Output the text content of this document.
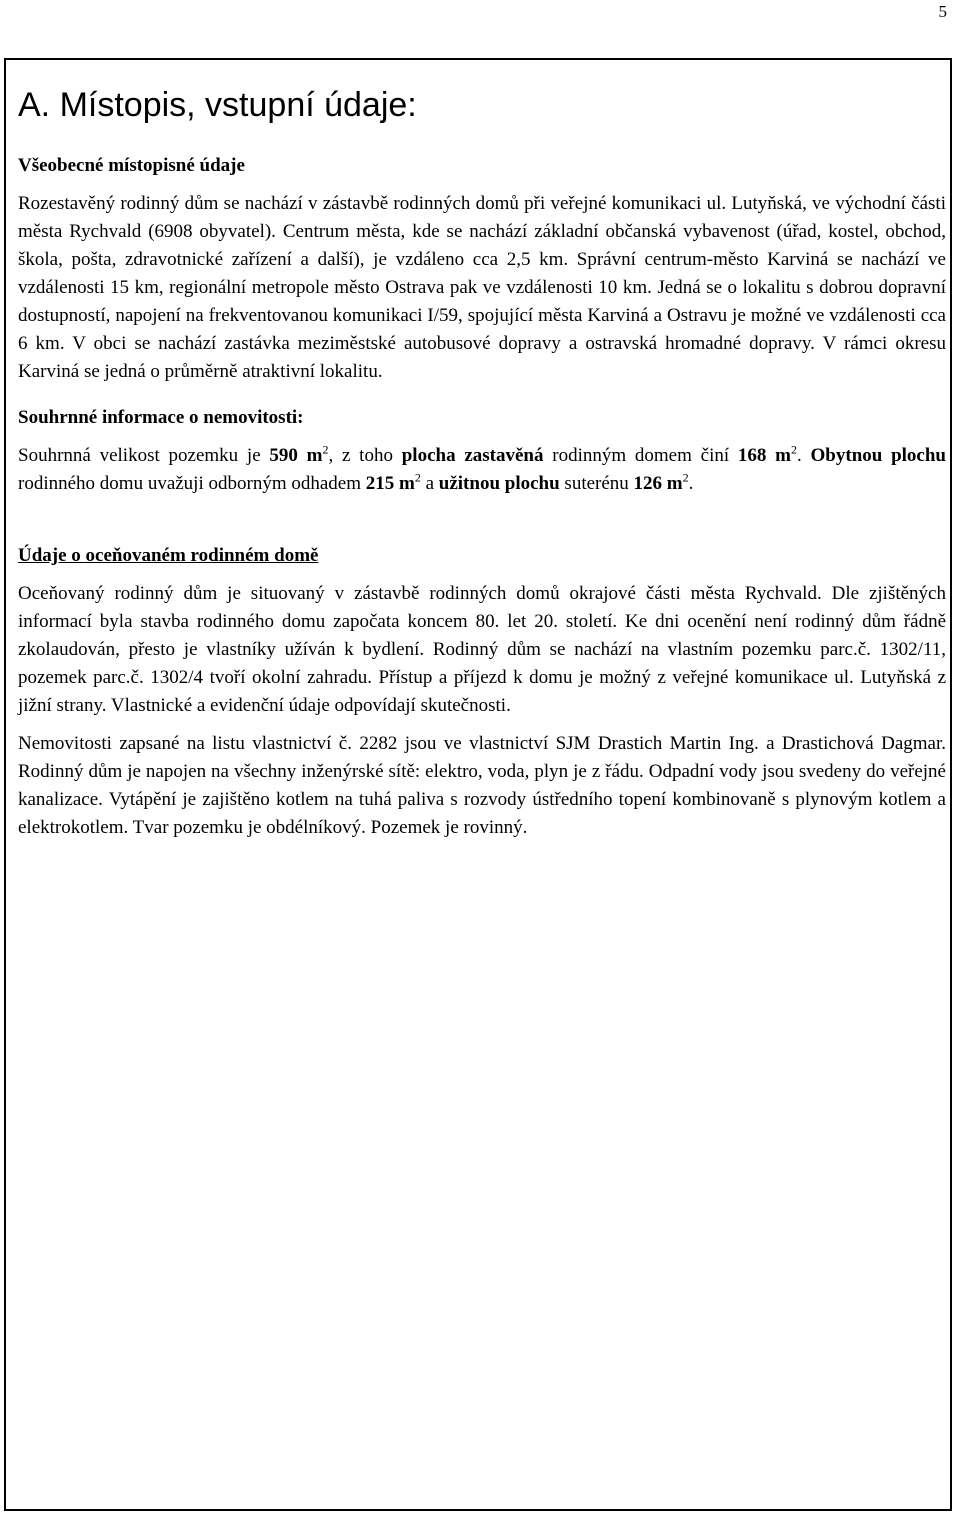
5
A. Místopis, vstupní údaje:
Všeobecné místopisné údaje

Rozestavěný rodinný dům se nachází v zástavbě rodinných domů při veřejné komunikaci ul. Lutyňská, ve východní části města Rychvald (6908 obyvatel). Centrum města, kde se nachází základní občanská vybavenost (úřad, kostel, obchod, škola, pošta, zdravotnické zařízení a další), je vzdáleno cca 2,5 km. Správní centrum-město Karviná se nachází ve vzdálenosti 15 km, regionální metropole město Ostrava pak ve vzdálenosti 10 km. Jedná se o lokalitu s dobrou dopravní dostupností, napojení na frekventovanou komunikaci I/59, spojující města Karviná a Ostravu je možné ve vzdálenosti cca 6 km. V obci se nachází zastávka meziměstské autobusové dopravy a ostravská hromadné dopravy. V rámci okresu Karviná se jedná o průměrně atraktivní lokalitu.

Souhrnné informace o nemovitosti:

Souhrnná velikost pozemku je 590 $m^2$, z toho plocha zastavěná rodinným domem činí 168 $m^2$. Obytnou plochu rodinného domu uvažuji odborným odhadem 215 $m^2$ a užitnou plochu suterénu 126 $m^2$.

Údaje o oceňovaném rodinném domě

Oceňovaný rodinný dům je situovaný v zástavbě rodinných domů okrajové části města Rychvald. Dle zjištěných informací byla stavba rodinného domu započata koncem 80. let 20. století. Ke dni ocenění není rodinný dům řádně zkolaudován, přesto je vlastníky užíván k bydlení. Rodinný dům se nachází na vlastním pozemku parc.č. 1302/11, pozemek parc.č. 1302/4 tvoří okolní zahradu. Přístup a příjezd k domu je možný z veřejné komunikace ul. Lutyňská z jižní strany. Vlastnické a evidenční údaje odpovídají skutečnosti.

Nemovitosti zapsané na listu vlastnictví č. 2282 jsou ve vlastnictví SJM Drastich Martin Ing. a Drastichová Dagmar. Rodinný dům je napojen na všechny inženýrské sítě: elektro, voda, plyn je z řádu. Odpadní vody jsou svedeny do veřejné kanalizace. Vytápění je zajištěno kotlem na tuhá paliva s rozvody ústředního topení kombinovaně s plynovým kotlem a elektrokotlem. Tvar pozemku je obdélníkový. Pozemek je rovinný.
